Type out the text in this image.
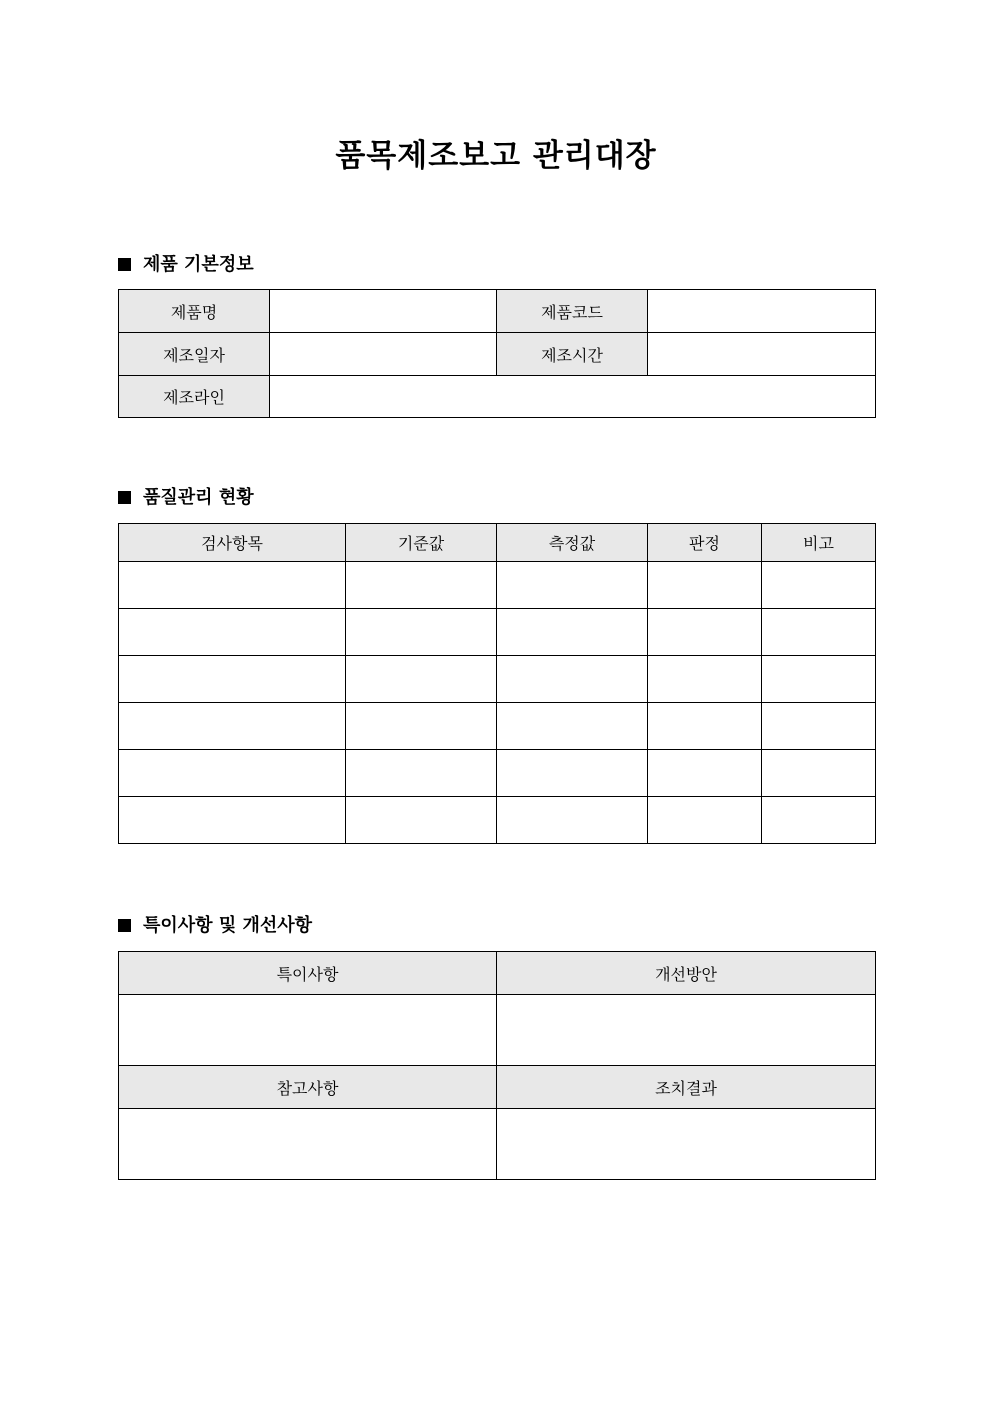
품목제조보고 관리대장
제품 기본정보
제품명		제품코드	
제조일자		제조시간	
제조라인			
품질관리 현황
검사항목	기준값	측정값	판정	비고

특이사항 및 개선사항
특이사항	개선방안

참고사항	조치결과
